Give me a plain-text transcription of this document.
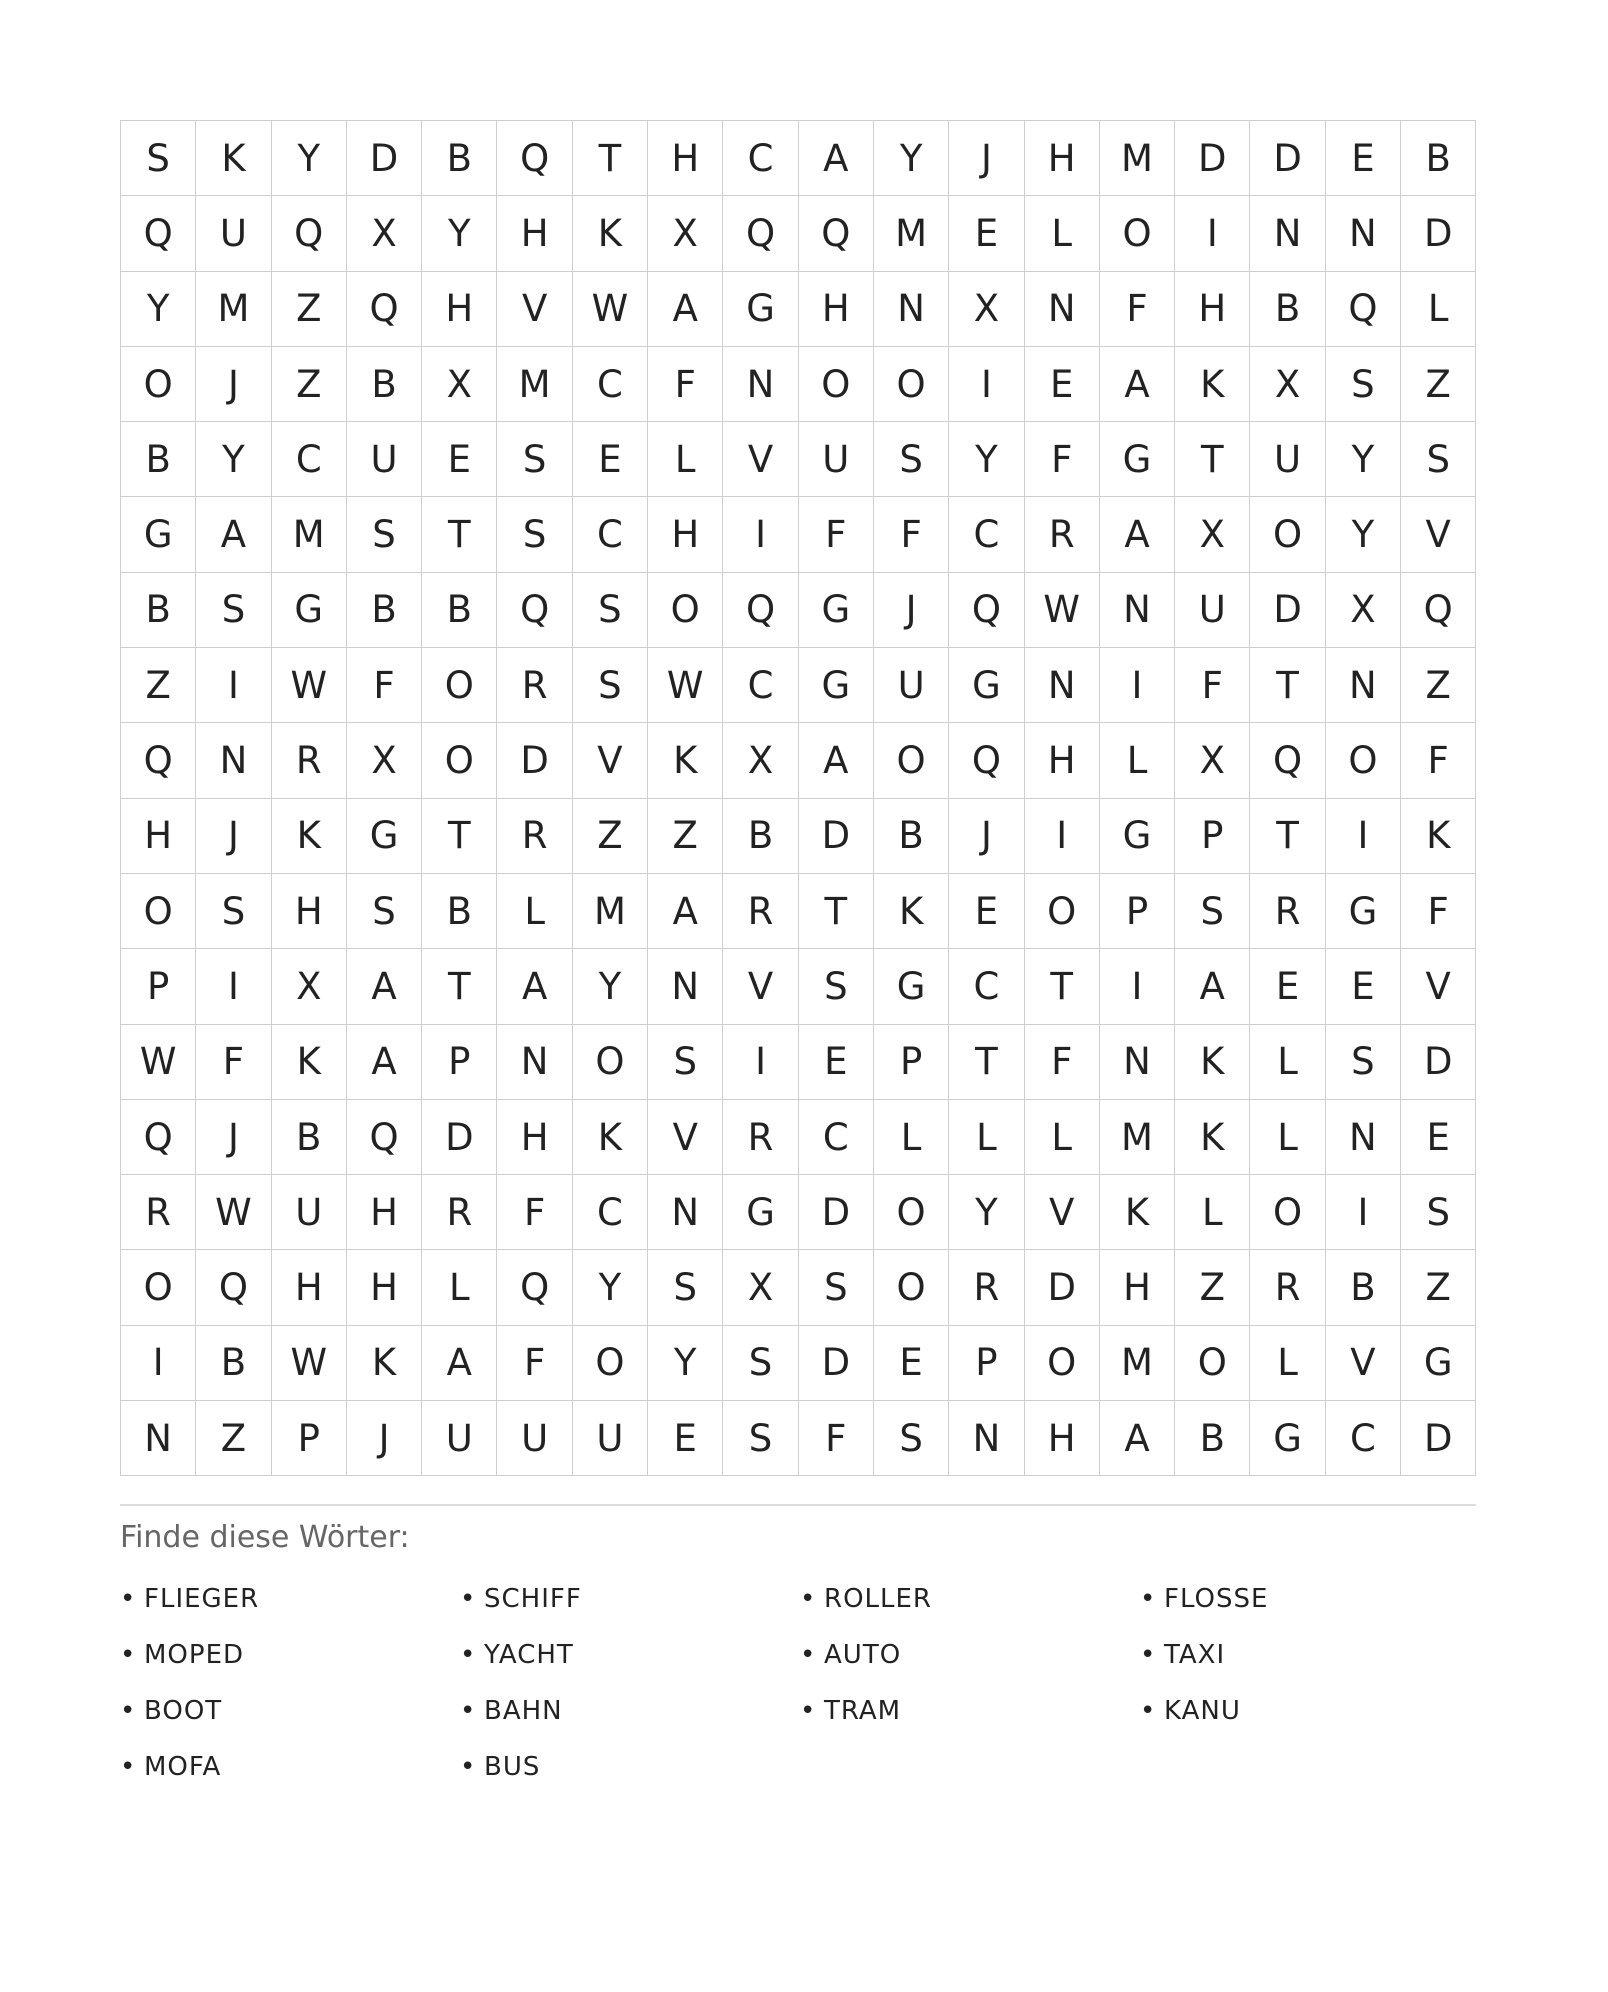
S	K	Y	D	B	Q	T	H	C	A	Y	J	H	M	D	D	E	B
Q	U	Q	X	Y	H	K	X	Q	Q	M	E	L	O	I	N	N	D
Y	M	Z	Q	H	V	W	A	G	H	N	X	N	F	H	B	Q	L
O	J	Z	B	X	M	C	F	N	O	O	I	E	A	K	X	S	Z
B	Y	C	U	E	S	E	L	V	U	S	Y	F	G	T	U	Y	S
G	A	M	S	T	S	C	H	I	F	F	C	R	A	X	O	Y	V
B	S	G	B	B	Q	S	O	Q	G	J	Q	W	N	U	D	X	Q
Z	I	W	F	O	R	S	W	C	G	U	G	N	I	F	T	N	Z
Q	N	R	X	O	D	V	K	X	A	O	Q	H	L	X	Q	O	F
H	J	K	G	T	R	Z	Z	B	D	B	J	I	G	P	T	I	K
O	S	H	S	B	L	M	A	R	T	K	E	O	P	S	R	G	F
P	I	X	A	T	A	Y	N	V	S	G	C	T	I	A	E	E	V
W	F	K	A	P	N	O	S	I	E	P	T	F	N	K	L	S	D
Q	J	B	Q	D	H	K	V	R	C	L	L	L	M	K	L	N	E
R	W	U	H	R	F	C	N	G	D	O	Y	V	K	L	O	I	S
O	Q	H	H	L	Q	Y	S	X	S	O	R	D	H	Z	R	B	Z
I	B	W	K	A	F	O	Y	S	D	E	P	O	M	O	L	V	G
N	Z	P	J	U	U	U	E	S	F	S	N	H	A	B	G	C	D
Finde diese Wörter:
• FLIEGER	• SCHIFF	• ROLLER	• FLOSSE
• MOPED	• YACHT	• AUTO	• TAXI
• BOOT	• BAHN	• TRAM	• KANU
• MOFA	• BUS
